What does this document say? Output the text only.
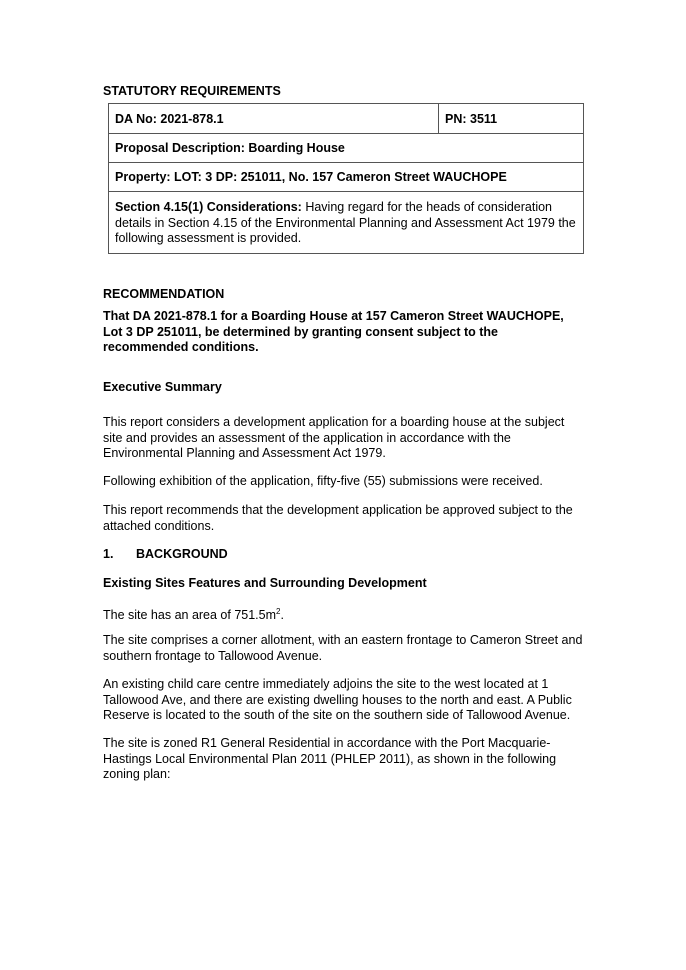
STATUTORY REQUIREMENTS
DA No: 2021-878.1	PN: 3511
Proposal Description: Boarding House
Property: LOT: 3 DP: 251011, No. 157 Cameron Street WAUCHOPE
Section 4.15(1) Considerations: Having regard for the heads of consideration details in Section 4.15 of the Environmental Planning and Assessment Act 1979 the following assessment is provided.
RECOMMENDATION
That DA 2021-878.1 for a Boarding House at 157 Cameron Street WAUCHOPE, Lot 3 DP 251011, be determined by granting consent subject to the recommended conditions.
Executive Summary
This report considers a development application for a boarding house at the subject site and provides an assessment of the application in accordance with the Environmental Planning and Assessment Act 1979.
Following exhibition of the application, fifty-five (55) submissions were received.
This report recommends that the development application be approved subject to the attached conditions.
1. BACKGROUND
Existing Sites Features and Surrounding Development
The site has an area of $751.5m^2$.
The site comprises a corner allotment, with an eastern frontage to Cameron Street and southern frontage to Tallowood Avenue.
An existing child care centre immediately adjoins the site to the west located at 1 Tallowood Ave, and there are existing dwelling houses to the north and east. A Public Reserve is located to the south of the site on the southern side of Tallowood Avenue.
The site is zoned R1 General Residential in accordance with the Port Macquarie-Hastings Local Environmental Plan 2011 (PHLEP 2011), as shown in the following zoning plan:
